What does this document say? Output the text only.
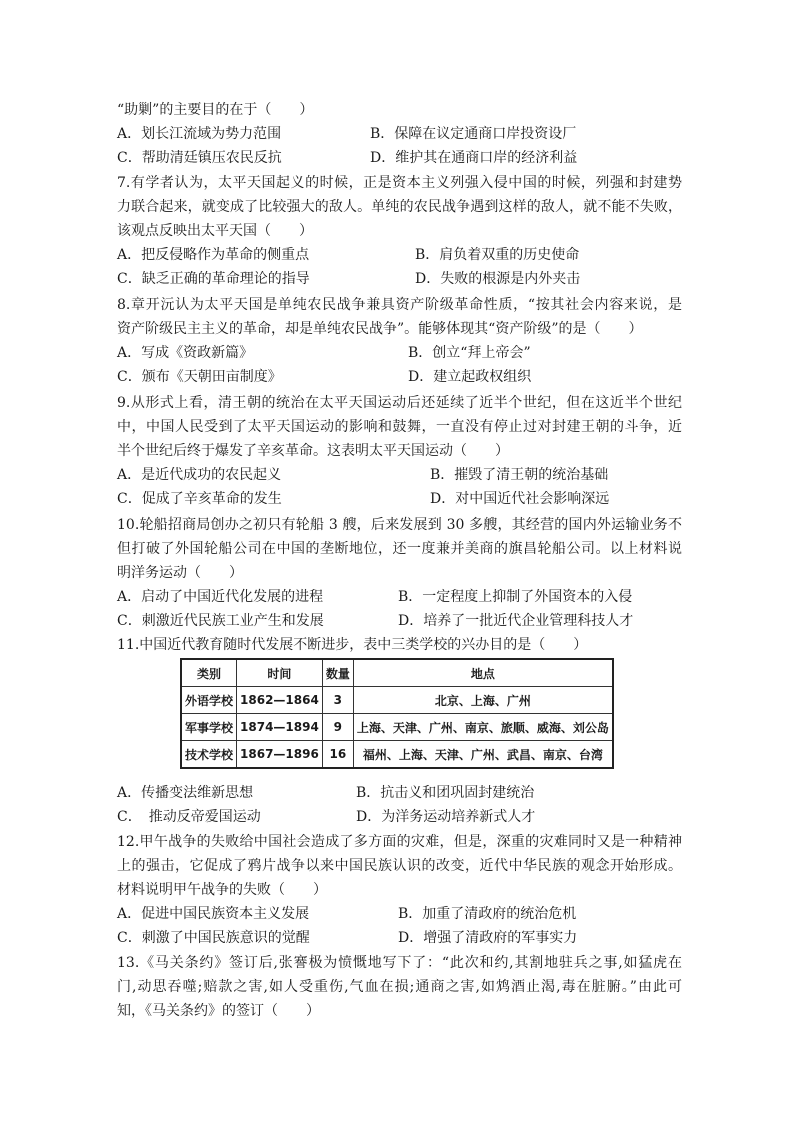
“助剿”的主要目的在于（　　）
A．划长江流域为势力范围	B．保障在议定通商口岸投资设厂
C．帮助清廷镇压农民反抗	D．维护其在通商口岸的经济利益
7.有学者认为，太平天国起义的时候，正是资本主义列强入侵中国的时候，列强和封建势
力联合起来，就变成了比较强大的敌人。单纯的农民战争遇到这样的敌人，就不能不失败，
该观点反映出太平天国（　　）
A．把反侵略作为革命的侧重点	B．肩负着双重的历史使命
C．缺乏正确的革命理论的指导	D．失败的根源是内外夹击
8.章开沅认为太平天国是单纯农民战争兼具资产阶级革命性质，“按其社会内容来说，是
资产阶级民主主义的革命，却是单纯农民战争”。能够体现其“资产阶级”的是（　　）
A．写成《资政新篇》	B．创立“拜上帝会”
C．颁布《天朝田亩制度》	D．建立起政权组织
9.从形式上看，清王朝的统治在太平天国运动后还延续了近半个世纪，但在这近半个世纪
中，中国人民受到了太平天国运动的影响和鼓舞，一直没有停止过对封建王朝的斗争，近
半个世纪后终于爆发了辛亥革命。这表明太平天国运动（　　）
A．是近代成功的农民起义	B．摧毁了清王朝的统治基础
C．促成了辛亥革命的发生	D．对中国近代社会影响深远
10.轮船招商局创办之初只有轮船 3 艘，后来发展到 30 多艘，其经营的国内外运输业务不
但打破了外国轮船公司在中国的垄断地位，还一度兼并美商的旗昌轮船公司。以上材料说
明洋务运动（　　）
A．启动了中国近代化发展的进程	B．一定程度上抑制了外国资本的入侵
C．刺激近代民族工业产生和发展	D．培养了一批近代企业管理科技人才
11.中国近代教育随时代发展不断进步，表中三类学校的兴办目的是（　　）
类别	时间	数量	地点
外语学校	1862—1864	3	北京、上海、广州
军事学校	1874—1894	9	上海、天津、广州、南京、旅顺、威海、刘公岛
技术学校	1867—1896	16	福州、上海、天津、广州、武昌、南京、台湾
A．传播变法维新思想	B．抗击义和团巩固封建统治
C．　推动反帝爱国运动	D．为洋务运动培养新式人才
12.甲午战争的失败给中国社会造成了多方面的灾难，但是，深重的灾难同时又是一种精神
上的强击，它促成了鸦片战争以来中国民族认识的改变，近代中华民族的观念开始形成。
材料说明甲午战争的失败（　　）
A．促进中国民族资本主义发展	B．加重了清政府的统治危机
C．刺激了中国民族意识的觉醒	D．增强了清政府的军事实力
13.《马关条约》签订后,张謇极为愤慨地写下了：“此次和约,其割地驻兵之事,如猛虎在
门,动思吞噬;赔款之害,如人受重伤,气血在损;通商之害,如鸩酒止渴,毒在脏腑。”由此可
知，《马关条约》的签订（　　）
